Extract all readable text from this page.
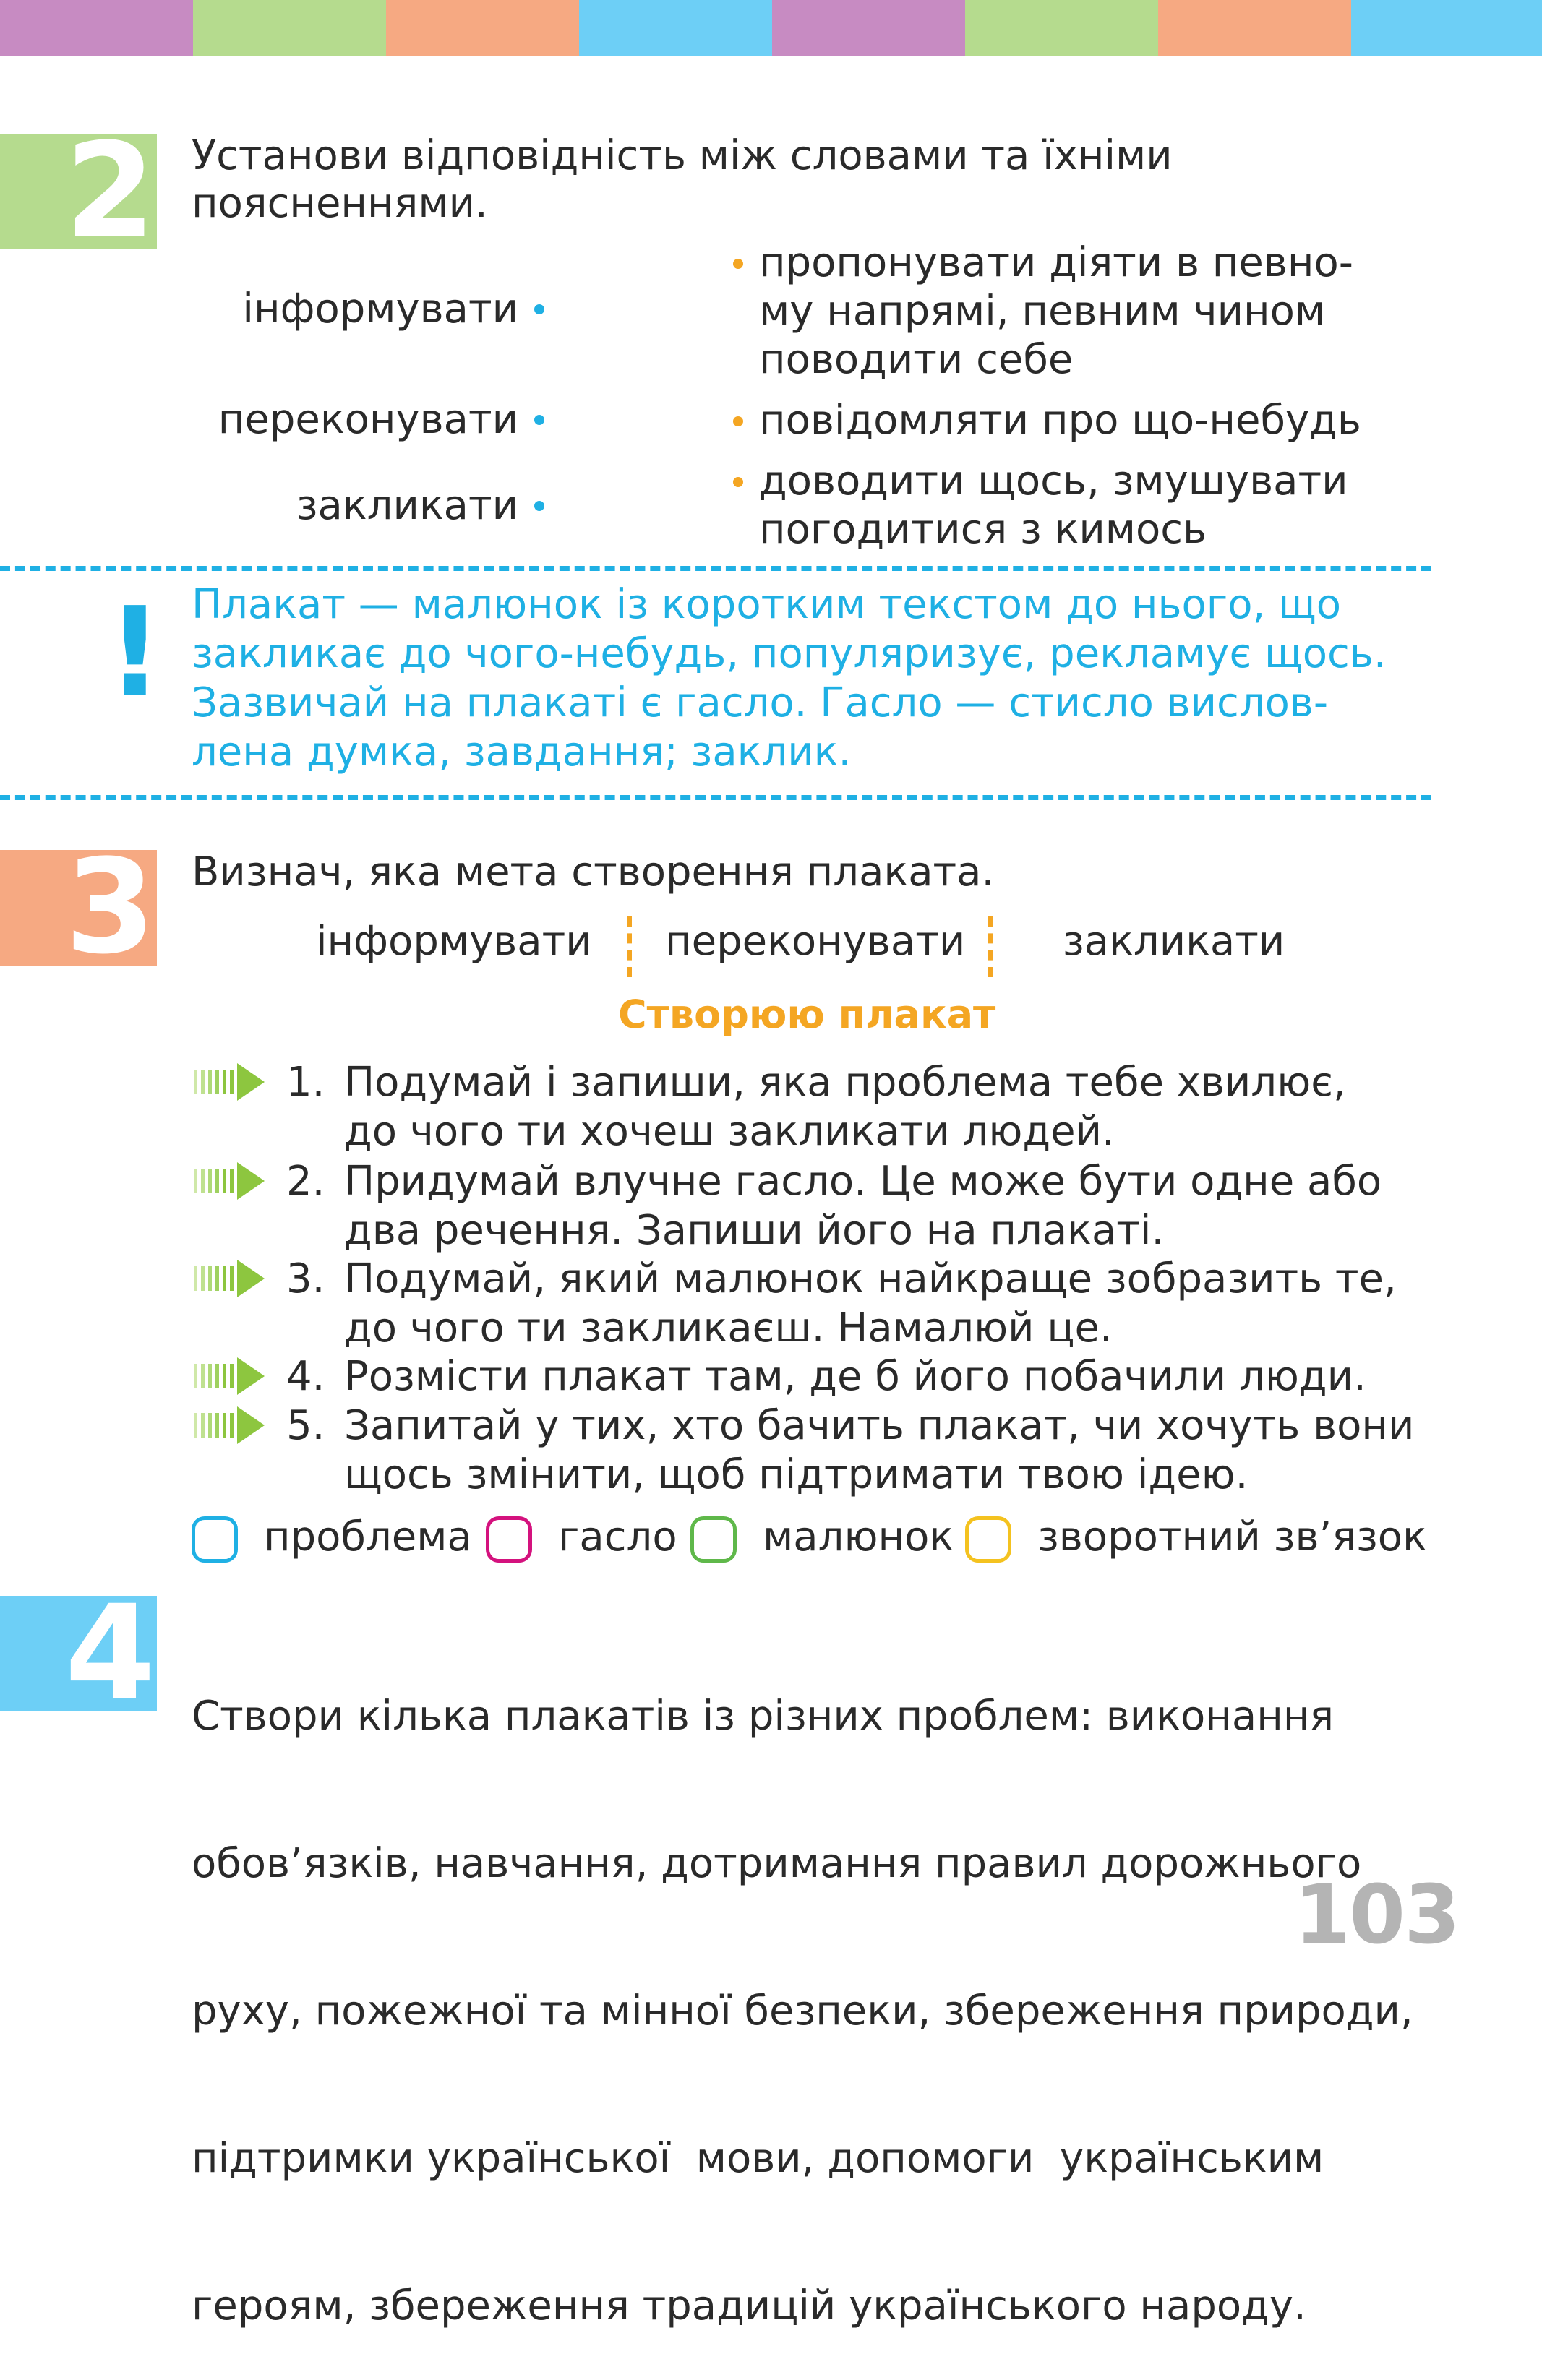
2 Установи відповідність між словами та їхніми
поясненнями.
інформувати
переконувати
закликати
пропонувати діяти в певно-
му напрямі, певним чином
поводити себе
повідомляти про що-небудь
доводити щось, змушувати
погодитися з кимось
! Плакат — малюнок із коротким текстом до нього, що
закликає до чого-небудь, популяризує, рекламує щось.
Зазвичай на плакаті є гасло. Гасло — стисло вислов-
лена думка, завдання; заклик.
3 Визнач, яка мета створення плаката.
інформувати переконувати закликати
Створюю плакат
1. Подумай і запиши, яка проблема тебе хвилює,
до чого ти хочеш закликати людей.
2. Придумай влучне гасло. Це може бути одне або
два речення. Запиши його на плакаті.
3. Подумай, який малюнок найкраще зобразить те,
до чого ти закликаєш. Намалюй це.
4. Розмісти плакат там, де б його побачили люди.
5. Запитай у тих, хто бачить плакат, чи хочуть вони
щось змінити, щоб підтримати твою ідею.
проблема гасло малюнок зворотний зв’язок
4

Створи кілька плакатів із різних проблем: виконання

обов’язків, навчання, дотримання правил дорожнього

руху, пожежної та мінної безпеки, збереження природи,

підтримки української  мови, допомоги  українським

героям, збереження традицій українського народу.

103
